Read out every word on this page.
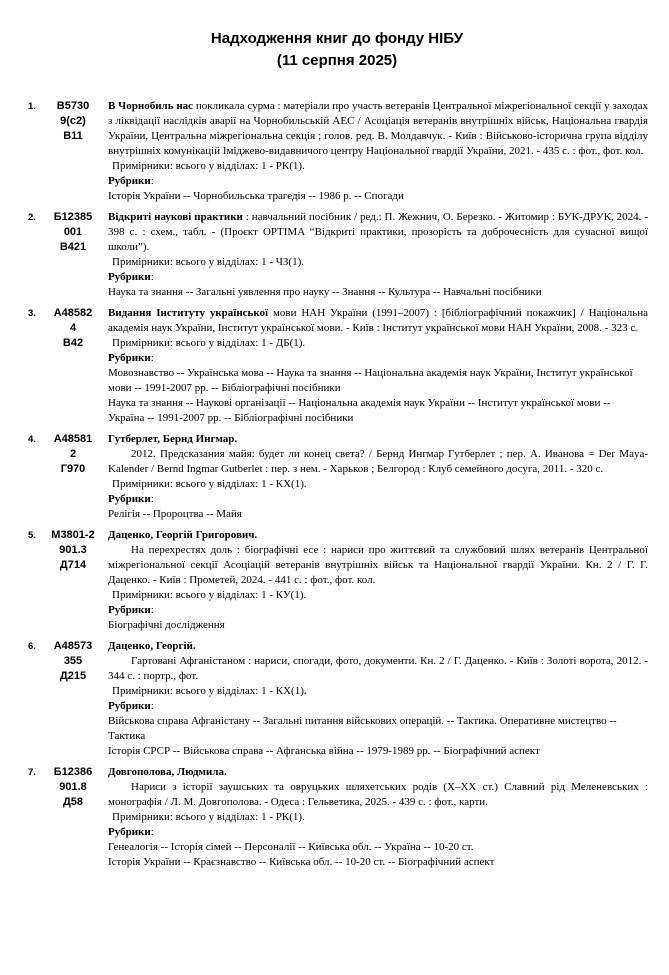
Надходження книг до фонду НІБУ
(11 серпня 2025)
1.	В5730
9(с2)
В11

В Чорнобиль нас покликала сурма : матеріали про участь ветеранів Центральної міжрегіональної секції у заходах з ліквідації наслідків аварії на Чорнобильській АЕС / Асоціація ветеранів внутрішніх військ, Національна гвардія України, Центральна міжрегіональна секція ; голов. ред. В. Молдавчук. - Київ : Військово-історична група відділу внутрішніх комунікацій Іміджево-видавничого центру Національної гвардії України, 2021. - 435 с. : фот., фот. кол.

Примірники: всього у відділах: 1 - РК(1).

Рубрики:

Історія України -- Чорнобильська трагедія -- 1986 р. -- Спогади

2.	Б12385
001
В421

Відкриті наукові практики : навчальний посібник / ред.: П. Жежнич, О. Березко. - Житомир : БУК-ДРУК, 2024. - 398 с. : схем., табл. - (Проєкт OPTIMA “Відкриті практики, прозорість та доброчесність для сучасної вищої школи”).

Примірники: всього у відділах: 1 - ЧЗ(1).

Рубрики:

Наука та знання -- Загальні уявлення про науку -- Знання -- Культура -- Навчальні посібники

3.	А48582
4
В42

Видання Інституту української мови НАН України (1991–2007) : [бібліографічний покажчик] / Національна академія наук України, Інститут української мови. - Київ : Інститут української мови НАН України, 2008. - 323 с.

Примірники: всього у відділах: 1 - ДБ(1).

Рубрики:

Мовознавство -- Українська мова -- Наука та знання -- Національна академія наук України, Інститут української мови -- 1991-2007 рр. -- Бібліографічні посібники

Наука та знання -- Наукові організації -- Національна академія наук України -- Інститут української мови -- Україна -- 1991-2007 рр. -- Бібліографічні посібники

4.	А48581
2
Г970

Гутберлет, Бернд Ингмар.
2012. Предсказания майя: будет ли конец света? / Бернд Ингмар Гутберлет ; пер. А. Иванова = Der Maya-Kalender / Bernd Ingmar Gutberlet : пер. з нем. - Харьков ; Белгород : Клуб семейного досуга, 2011. - 320 с.

Примірники: всього у відділах: 1 - КХ(1).

Рубрики:

Релігія -- Пророцтва -- Майя

5.	М3801-2
901.3
Д714

Даценко, Георгій Григорович.
На перехрестях доль : біографічні есе : нариси про життєвий та службовий шлях ветеранів Центральної міжрегіональної секції Асоціацій ветеранів внутрішніх військ та Національної гвардії України. Кн. 2 / Г. Г. Даценко. - Київ : Прометей, 2024. - 441 с. : фот., фот. кол.

Примірники: всього у відділах: 1 - КУ(1).

Рубрики:

Біографічні дослідження

6.	А48573
355
Д215

Даценко, Георгій.
Гартовані Афганістаном : нариси, спогади, фото, документи. Кн. 2 / Г. Даценко. - Київ : Золоті ворота, 2012. - 344 с. : портр., фот.

Примірники: всього у відділах: 1 - КХ(1).

Рубрики:

Військова справа Афганістану -- Загальні питання військових операцій. -- Тактика. Оперативне мистецтво -- Тактика

Історія СРСР -- Військова справа -- Афганська війна -- 1979-1989 рр. -- Біографічний аспект

7.	Б12386
901.8
Д58

Довгополова, Людмила.
Нариси з історії заушських та овруцьких шляхетських родів (X–XX ст.) Славний рід Меленевських : монографія / Л. М. Довгополова. - Одеса : Гельветика, 2025. - 439 с. : фот., карти.

Примірники: всього у відділах: 1 - РК(1).

Рубрики:

Генеалогія -- Історія сімей -- Персоналії -- Київська обл. -- Україна -- 10-20 ст.

Історія України -- Краєзнавство -- Київська обл. -- 10-20 ст. -- Біографічний аспект
